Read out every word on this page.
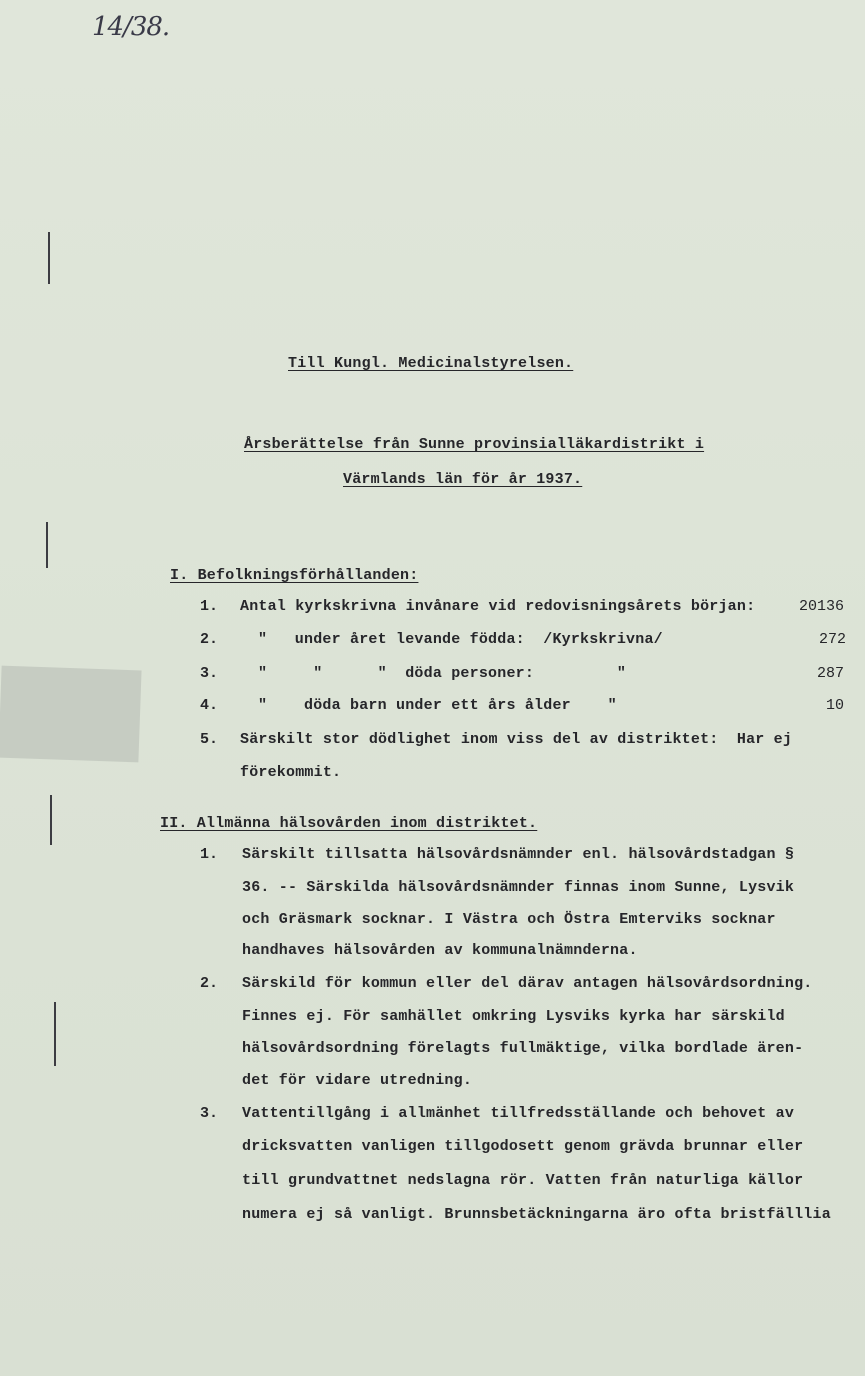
14/38.
Till Kungl. Medicinalstyrelsen.
Årsberättelse från Sunne provinsialläkardistrikt i
Värmlands län för år 1937.
I. Befolkningsförhållanden:
1. Antal kyrkskrivna invånare vid redovisningsårets början:	20136
2.	"   under året levande födda:  /Kyrkskrivna/	272
3.	"     "      "  döda personer:         "	287
4.	"    döda barn under ett års ålder    "	10
5. Särskilt stor dödlighet inom viss del av distriktet:  Har ej
förekommit.
II. Allmänna hälsovården inom distriktet.
1. Särskilt tillsatta hälsovårdsnämnder enl. hälsovårdstadgan §
36. -- Särskilda hälsovårdsnämnder finnas inom Sunne, Lysvik
och Gräsmark socknar. I Västra och Östra Emterviks socknar
handhaves hälsovården av kommunalnämnderna.
2. Särskild för kommun eller del därav antagen hälsovårdsordning.
Finnes ej. För samhället omkring Lysviks kyrka har särskild
hälsovårdsordning förelagts fullmäktige, vilka bordlade ären-
det för vidare utredning.
3. Vattentillgång i allmänhet tillfredsställande och behovet av
dricksvatten vanligen tillgodosett genom grävda brunnar eller
till grundvattnet nedslagna rör. Vatten från naturliga källor
numera ej så vanligt. Brunnsbetäckningarna äro ofta bristfälllia
